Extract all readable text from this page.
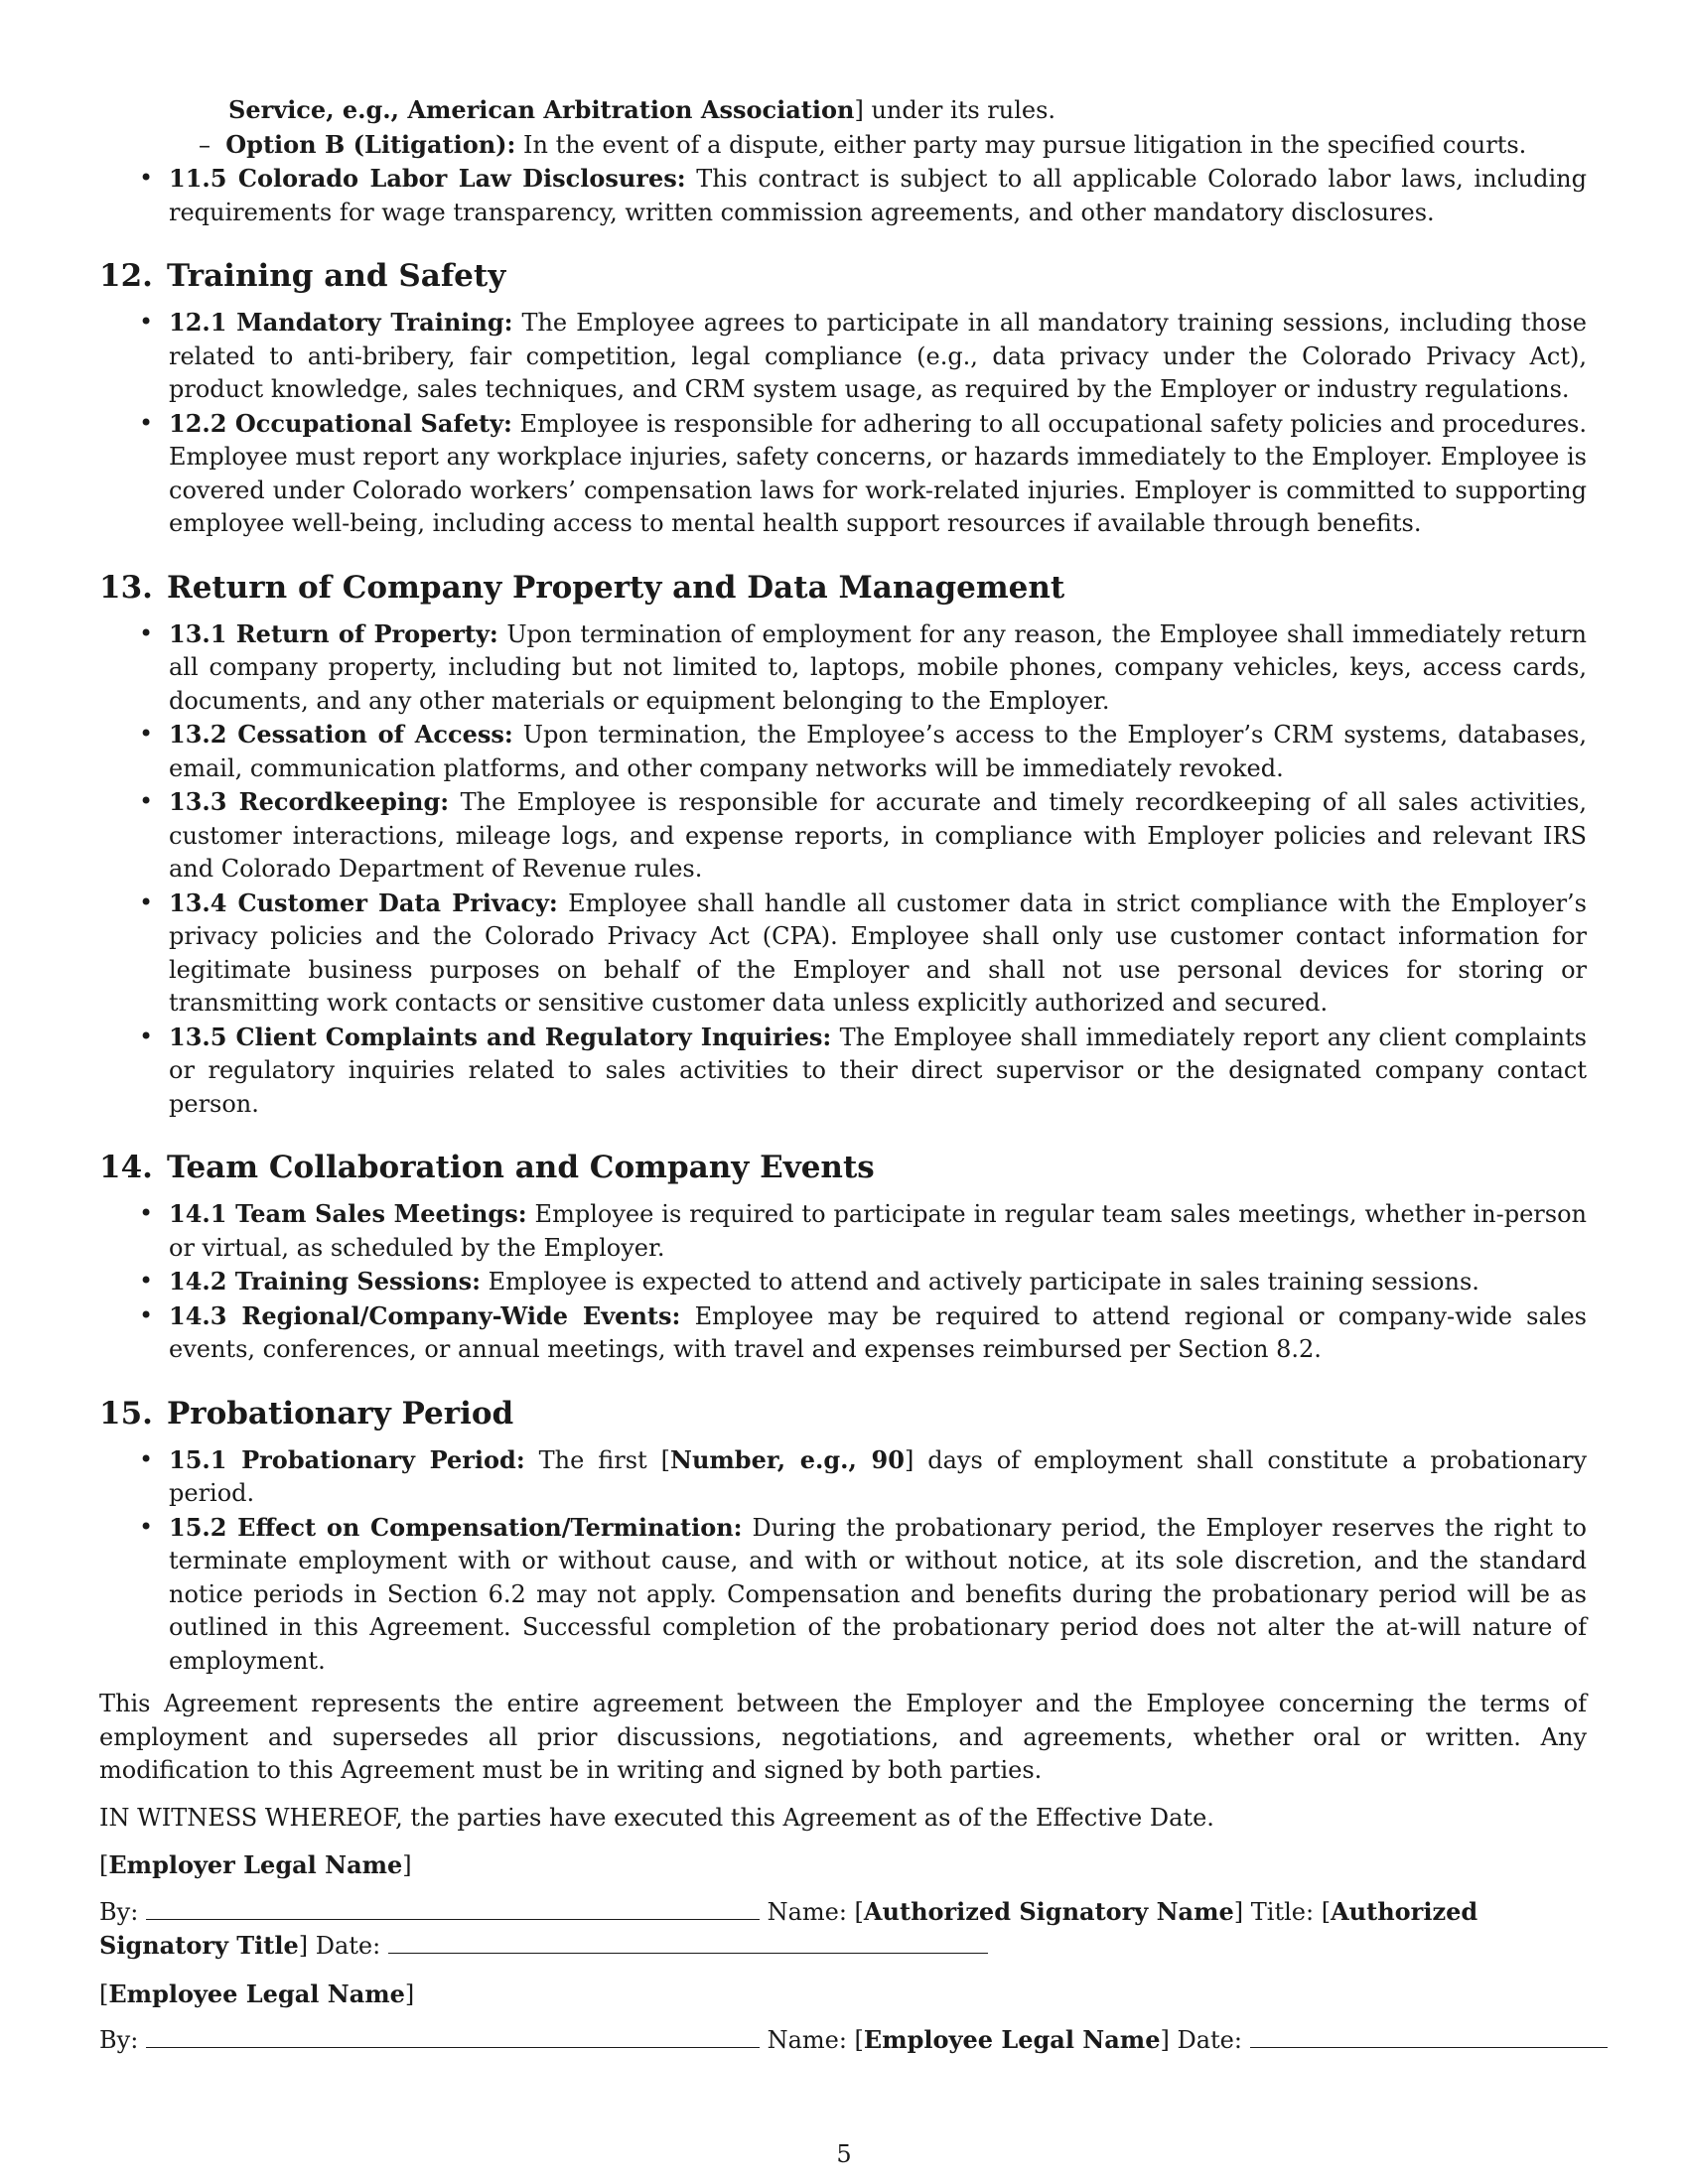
Service, e.g., American Arbitration Association] under its rules.
–  Option B (Litigation): In the event of a dispute, either party may pursue litigation in the specified courts.
• 11.5 Colorado Labor Law Disclosures: This contract is subject to all applicable Colorado labor laws, including requirements for wage transparency, written commission agreements, and other mandatory disclosures.
12. Training and Safety
• 12.1 Mandatory Training: The Employee agrees to participate in all mandatory training sessions, including those related to anti-bribery, fair competition, legal compliance (e.g., data privacy under the Colorado Privacy Act), product knowledge, sales techniques, and CRM system usage, as required by the Employer or industry regulations.
• 12.2 Occupational Safety: Employee is responsible for adhering to all occupational safety policies and procedures. Employee must report any workplace injuries, safety concerns, or hazards immediately to the Employer. Employee is covered under Colorado workers’ compensation laws for work-related injuries. Employer is committed to supporting employee well-being, including access to mental health support resources if available through benefits.
13. Return of Company Property and Data Management
• 13.1 Return of Property: Upon termination of employment for any reason, the Employee shall immediately return all company property, including but not limited to, laptops, mobile phones, company vehicles, keys, access cards, documents, and any other materials or equipment belonging to the Employer.
• 13.2 Cessation of Access: Upon termination, the Employee’s access to the Employer’s CRM systems, databases, email, communication platforms, and other company networks will be immediately revoked.
• 13.3 Recordkeeping: The Employee is responsible for accurate and timely recordkeeping of all sales activities, customer interactions, mileage logs, and expense reports, in compliance with Employer policies and relevant IRS and Colorado Department of Revenue rules.
• 13.4 Customer Data Privacy: Employee shall handle all customer data in strict compliance with the Employer’s privacy policies and the Colorado Privacy Act (CPA). Employee shall only use customer contact information for legitimate business purposes on behalf of the Employer and shall not use personal devices for storing or transmitting work contacts or sensitive customer data unless explicitly authorized and secured.
• 13.5 Client Complaints and Regulatory Inquiries: The Employee shall immediately report any client complaints or regulatory inquiries related to sales activities to their direct supervisor or the designated company contact person.
14. Team Collaboration and Company Events
• 14.1 Team Sales Meetings: Employee is required to participate in regular team sales meetings, whether in-person or virtual, as scheduled by the Employer.
• 14.2 Training Sessions: Employee is expected to attend and actively participate in sales training sessions.
• 14.3 Regional/Company-Wide Events: Employee may be required to attend regional or company-wide sales events, conferences, or annual meetings, with travel and expenses reimbursed per Section 8.2.
15. Probationary Period
• 15.1 Probationary Period: The first [Number, e.g., 90] days of employment shall constitute a probationary period.
• 15.2 Effect on Compensation/Termination: During the probationary period, the Employer reserves the right to terminate employment with or without cause, and with or without notice, at its sole discretion, and the standard notice periods in Section 6.2 may not apply. Compensation and benefits during the probationary period will be as outlined in this Agreement. Successful completion of the probationary period does not alter the at-will nature of employment.

This Agreement represents the entire agreement between the Employer and the Employee concerning the terms of employment and supersedes all prior discussions, negotiations, and agreements, whether oral or written. Any modification to this Agreement must be in writing and signed by both parties.

IN WITNESS WHEREOF, the parties have executed this Agreement as of the Effective Date.

[Employer Legal Name]
By:	Name: [Authorized Signatory Name] Title: [Authorized Signatory Title] Date:
[Employee Legal Name]
By:	Name: [Employee Legal Name] Date:
5
